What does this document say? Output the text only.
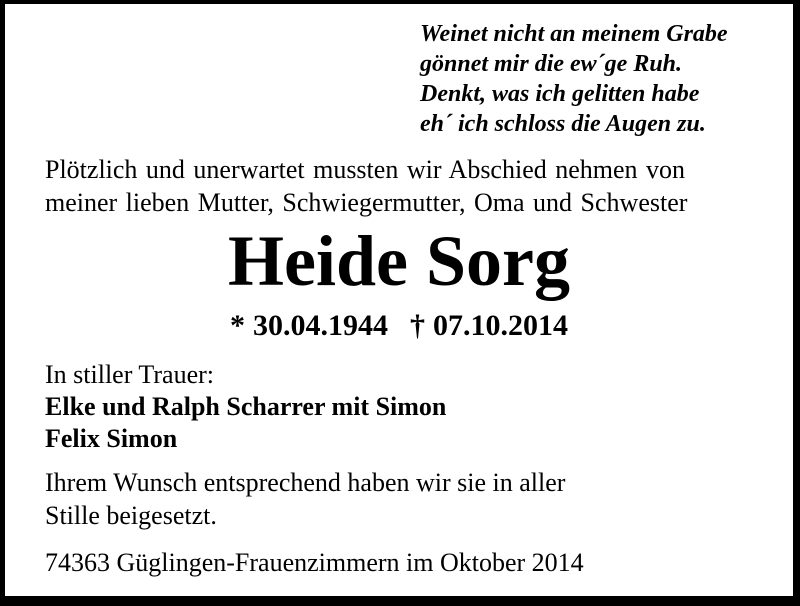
Weinet nicht an meinem Grabe
gönnet mir die ew´ge Ruh.
Denkt, was ich gelitten habe
eh´ ich schloss die Augen zu.
Plötzlich und unerwartet mussten wir Abschied nehmen von
meiner lieben Mutter, Schwiegermutter, Oma und Schwester
Heide Sorg
* 30.04.1944 † 07.10.2014
In stiller Trauer:
Elke und Ralph Scharrer mit Simon
Felix Simon
Ihrem Wunsch entsprechend haben wir sie in aller
Stille beigesetzt.
74363 Güglingen-Frauenzimmern im Oktober 2014
